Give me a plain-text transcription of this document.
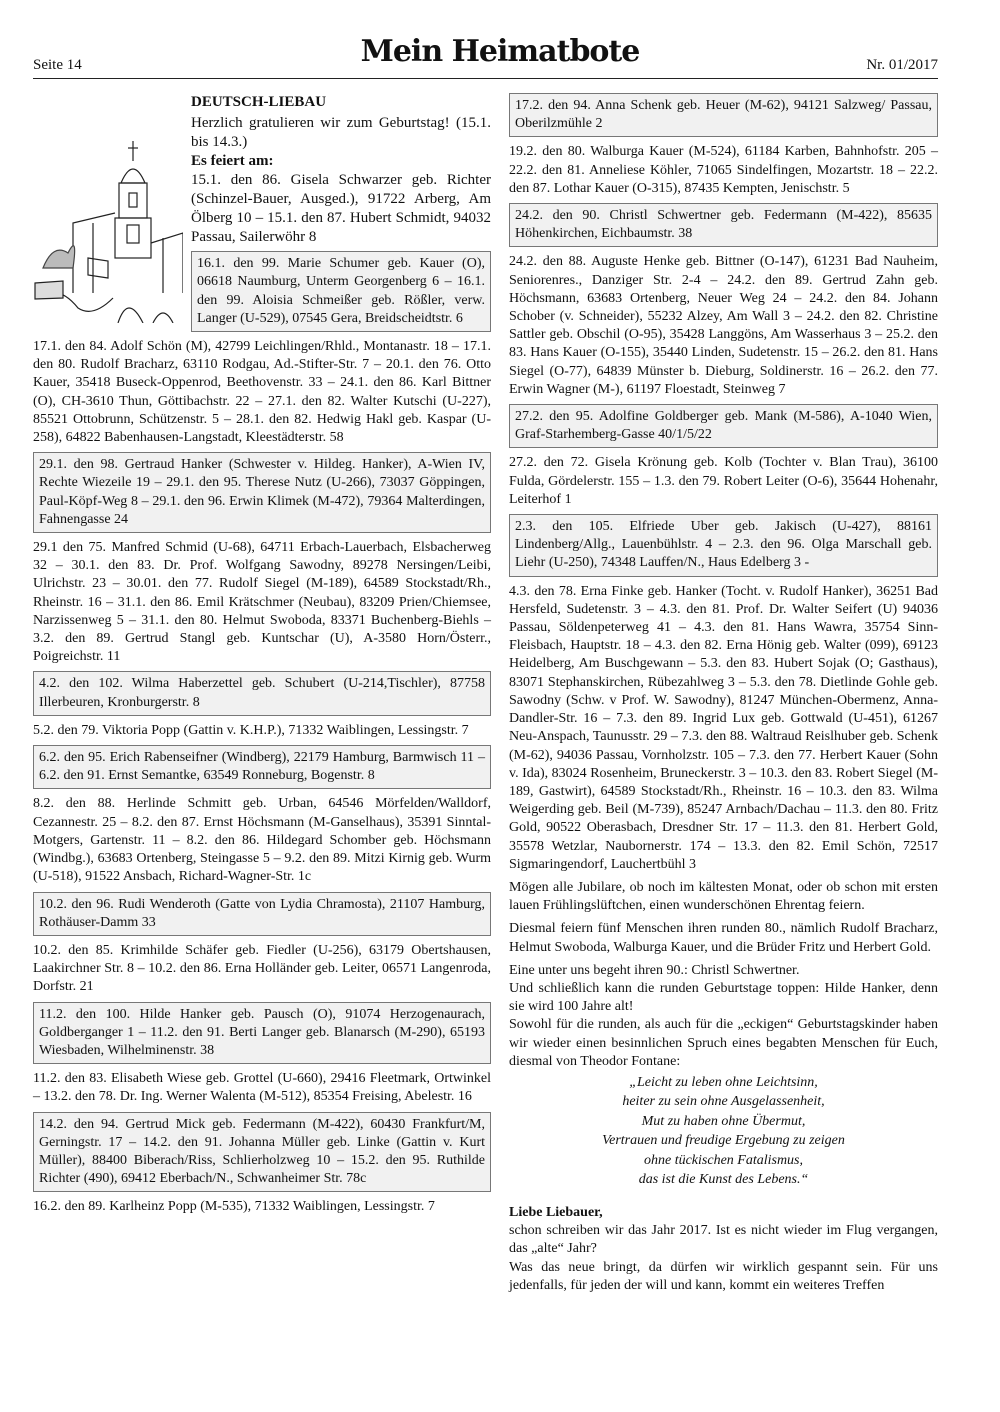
Seite 14	Mein Heimatbote	Nr. 01/2017
DEUTSCH-LIEBAU
Herzlich gratulieren wir zum Geburtstag! (15.1. bis 14.3.)
Es feiert am:
15.1. den 86. Gisela Schwarzer geb. Richter (Schinzel-Bauer, Ausged.), 91722 Arberg, Am Ölberg 10 – 15.1. den 87. Hubert Schmidt, 94032 Passau, Sailerwöhr 8
16.1. den 99. Marie Schumer geb. Kauer (O), 06618 Naumburg, Unterm Georgenberg 6 – 16.1. den 99. Aloisia Schmeißer geb. Rößler, verw. Langer (U-529), 07545 Gera, Breidscheidtstr. 6

17.1. den 84. Adolf Schön (M), 42799 Leichlingen/Rhld., Montanastr. 18 – 17.1. den 80. Rudolf Bracharz, 63110 Rodgau, Ad.-Stifter-Str. 7 – 20.1. den 76. Otto Kauer, 35418 Buseck-Oppenrod, Beethovenstr. 33 – 24.1. den 86. Karl Bittner (O), CH-3610 Thun, Göttibachstr. 22 – 27.1. den 82. Walter Kutschi (U-227), 85521 Ottobrunn, Schützenstr. 5 – 28.1. den 82. Hedwig Hakl geb. Kaspar (U-258), 64822 Babenhausen-Langstadt, Kleestädterstr. 58

29.1. den 98. Gertraud Hanker (Schwester v. Hildeg. Hanker), A-Wien IV, Rechte Wiezeile 19 – 29.1. den 95. Therese Nutz (U-266), 73037 Göppingen, Paul-Köpf-Weg 8 – 29.1. den 96. Erwin Klimek (M-472), 79364 Malterdingen, Fahnengasse 24

29.1 den 75. Manfred Schmid (U-68), 64711 Erbach-Lauerbach, Elsbacherweg 32 – 30.1. den 83. Dr. Prof. Wolfgang Sawodny, 89278 Nersingen/Leibi, Ulrichstr. 23 – 30.01. den 77. Rudolf Siegel (M-189), 64589 Stockstadt/Rh., Rheinstr. 16 – 31.1. den 86. Emil Krätschmer (Neubau), 83209 Prien/Chiemsee, Narzissenweg 5 – 31.1. den 80. Helmut Swoboda, 83371 Buchenberg-Biehls – 3.2. den 89. Gertrud Stangl geb. Kuntschar (U), A-3580 Horn/Österr., Poigreichstr. 11

4.2. den 102. Wilma Haberzettel geb. Schubert (U-214,Tischler), 87758 Illerbeuren, Kronburgerstr. 8

5.2. den 79. Viktoria Popp (Gattin v. K.H.P.), 71332 Waiblingen, Lessingstr. 7

6.2. den 95. Erich Rabenseifner (Windberg), 22179 Hamburg, Barmwisch 11 – 6.2. den 91. Ernst Semantke, 63549 Ronneburg, Bogenstr. 8

8.2. den 88. Herlinde Schmitt geb. Urban, 64546 Mörfelden/Walldorf, Cezannestr. 25 – 8.2. den 87. Ernst Höchsmann (M-Ganselhaus), 35391 Sinntal-Motgers, Gartenstr. 11 – 8.2. den 86. Hildegard Schomber geb. Höchsmann (Windbg.), 63683 Ortenberg, Steingasse 5 – 9.2. den 89. Mitzi Kirnig geb. Wurm (U-518), 91522 Ansbach, Richard-Wagner-Str. 1c

10.2. den 96. Rudi Wenderoth (Gatte von Lydia Chramosta), 21107 Hamburg, Rothäuser-Damm 33

10.2. den 85. Krimhilde Schäfer geb. Fiedler (U-256), 63179 Obertshausen, Laakirchner Str. 8 – 10.2. den 86. Erna Holländer geb. Leiter, 06571 Langenroda, Dorfstr. 21

11.2. den 100. Hilde Hanker geb. Pausch (O), 91074 Herzogenaurach, Goldberganger 1 – 11.2. den 91. Berti Langer geb. Blanarsch (M-290), 65193 Wiesbaden, Wilhelminenstr. 38

11.2. den 83. Elisabeth Wiese geb. Grottel (U-660), 29416 Fleetmark, Ortwinkel – 13.2. den 78. Dr. Ing. Werner Walenta (M-512), 85354 Freising, Abelestr. 16

14.2. den 94. Gertrud Mick geb. Federmann (M-422), 60430 Frankfurt/M, Gerningstr. 17 – 14.2. den 91. Johanna Müller geb. Linke (Gattin v. Kurt Müller), 88400 Biberach/Riss, Schlierholzweg 10 – 15.2. den 95. Ruthilde Richter (490), 69412 Eberbach/N., Schwanheimer Str. 78c

16.2. den 89. Karlheinz Popp (M-535), 71332 Waiblingen, Lessingstr. 7

17.2. den 94. Anna Schenk geb. Heuer (M-62), 94121 Salzweg/ Passau, Oberilzmühle 2

19.2. den 80. Walburga Kauer (M-524), 61184 Karben, Bahnhofstr. 205 – 22.2. den 81. Anneliese Köhler, 71065 Sindelfingen, Mozartstr. 18 – 22.2. den 87. Lothar Kauer (O-315), 87435 Kempten, Jenischstr. 5

24.2. den 90. Christl Schwertner geb. Federmann (M-422), 85635 Höhenkirchen, Eichbaumstr. 38

24.2. den 88. Auguste Henke geb. Bittner (O-147), 61231 Bad Nauheim, Seniorenres., Danziger Str. 2-4 – 24.2. den 89. Gertrud Zahn geb. Höchsmann, 63683 Ortenberg, Neuer Weg 24 – 24.2. den 84. Johann Schober (v. Schneider), 55232 Alzey, Am Wall 3 – 24.2. den 82. Christine Sattler geb. Obschil (O-95), 35428 Langgöns, Am Wasserhaus 3 – 25.2. den 83. Hans Kauer (O-155), 35440 Linden, Sudetenstr. 15 – 26.2. den 81. Hans Siegel (O-77), 64839 Münster b. Dieburg, Soldinerstr. 16 – 26.2. den 77. Erwin Wagner (M-), 61197 Floestadt, Steinweg 7

27.2. den 95. Adolfine Goldberger geb. Mank (M-586), A-1040 Wien, Graf-Starhemberg-Gasse 40/1/5/22

27.2. den 72. Gisela Krönung geb. Kolb (Tochter v. Blan Trau), 36100 Fulda, Gördelerstr. 155 – 1.3. den 79. Robert Leiter (O-6), 35644 Hohenahr, Leiterhof 1

2.3. den 105. Elfriede Uber geb. Jakisch (U-427), 88161 Lindenberg/Allg., Lauenbühlstr. 4 – 2.3. den 96. Olga Marschall geb. Liehr (U-250), 74348 Lauffen/N., Haus Edelberg 3 -

4.3. den 78. Erna Finke geb. Hanker (Tocht. v. Rudolf Hanker), 36251 Bad Hersfeld, Sudetenstr. 3 – 4.3. den 81. Prof. Dr. Walter Seifert (U) 94036 Passau, Söldenpeterweg 41 – 4.3. den 81. Hans Wawra, 35754 Sinn-Fleisbach, Hauptstr. 18 – 4.3. den 82. Erna Hönig geb. Walter (099), 69123 Heidelberg, Am Buschgewann – 5.3. den 83. Hubert Sojak (O; Gasthaus), 83071 Stephanskirchen, Rübezahlweg 3 – 5.3. den 78. Dietlinde Gohle geb. Sawodny (Schw. v Prof. W. Sawodny), 81247 München-Obermenz, Anna-Dandler-Str. 16 – 7.3. den 89. Ingrid Lux geb. Gottwald (U-451), 61267 Neu-Anspach, Taunusstr. 29 – 7.3. den 88. Waltraud Reislhuber geb. Schenk (M-62), 94036 Passau, Vornholzstr. 105 – 7.3. den 77. Herbert Kauer (Sohn v. Ida), 83024 Rosenheim, Bruneckerstr. 3 – 10.3. den 83. Robert Siegel (M-189, Gastwirt), 64589 Stockstadt/Rh., Rheinstr. 16 – 10.3. den 83. Wilma Weigerding geb. Beil (M-739), 85247 Arnbach/Dachau – 11.3. den 80. Fritz Gold, 90522 Oberasbach, Dresdner Str. 17 – 11.3. den 81. Herbert Gold, 35578 Wetzlar, Naubornerstr. 174 – 13.3. den 82. Emil Schön, 72517 Sigmaringendorf, Lauchertbühl 3

Mögen alle Jubilare, ob noch im kältesten Monat, oder ob schon mit ersten lauen Frühlingslüftchen, einen wunderschönen Ehrentag feiern.

Diesmal feiern fünf Menschen ihren runden 80., nämlich Rudolf Bracharz, Helmut Swoboda, Walburga Kauer, und die Brüder Fritz und Herbert Gold.

Eine unter uns begeht ihren 90.: Christl Schwertner.

Und schließlich kann die runden Geburtstage toppen: Hilde Hanker, denn sie wird 100 Jahre alt!

Sowohl für die runden, als auch für die „eckigen“ Geburtstagskinder haben wir wieder einen besinnlichen Spruch eines begabten Menschen für Euch, diesmal von Theodor Fontane:

„Leicht zu leben ohne Leichtsinn,
heiter zu sein ohne Ausgelassenheit,
Mut zu haben ohne Übermut,
Vertrauen und freudige Ergebung zu zeigen
ohne tückischen Fatalismus,
das ist die Kunst des Lebens.“
Liebe Liebauer,

schon schreiben wir das Jahr 2017. Ist es nicht wieder im Flug vergangen, das „alte“ Jahr?

Was das neue bringt, da dürfen wir wirklich gespannt sein. Für uns jedenfalls, für jeden der will und kann, kommt ein weiteres Treffen
